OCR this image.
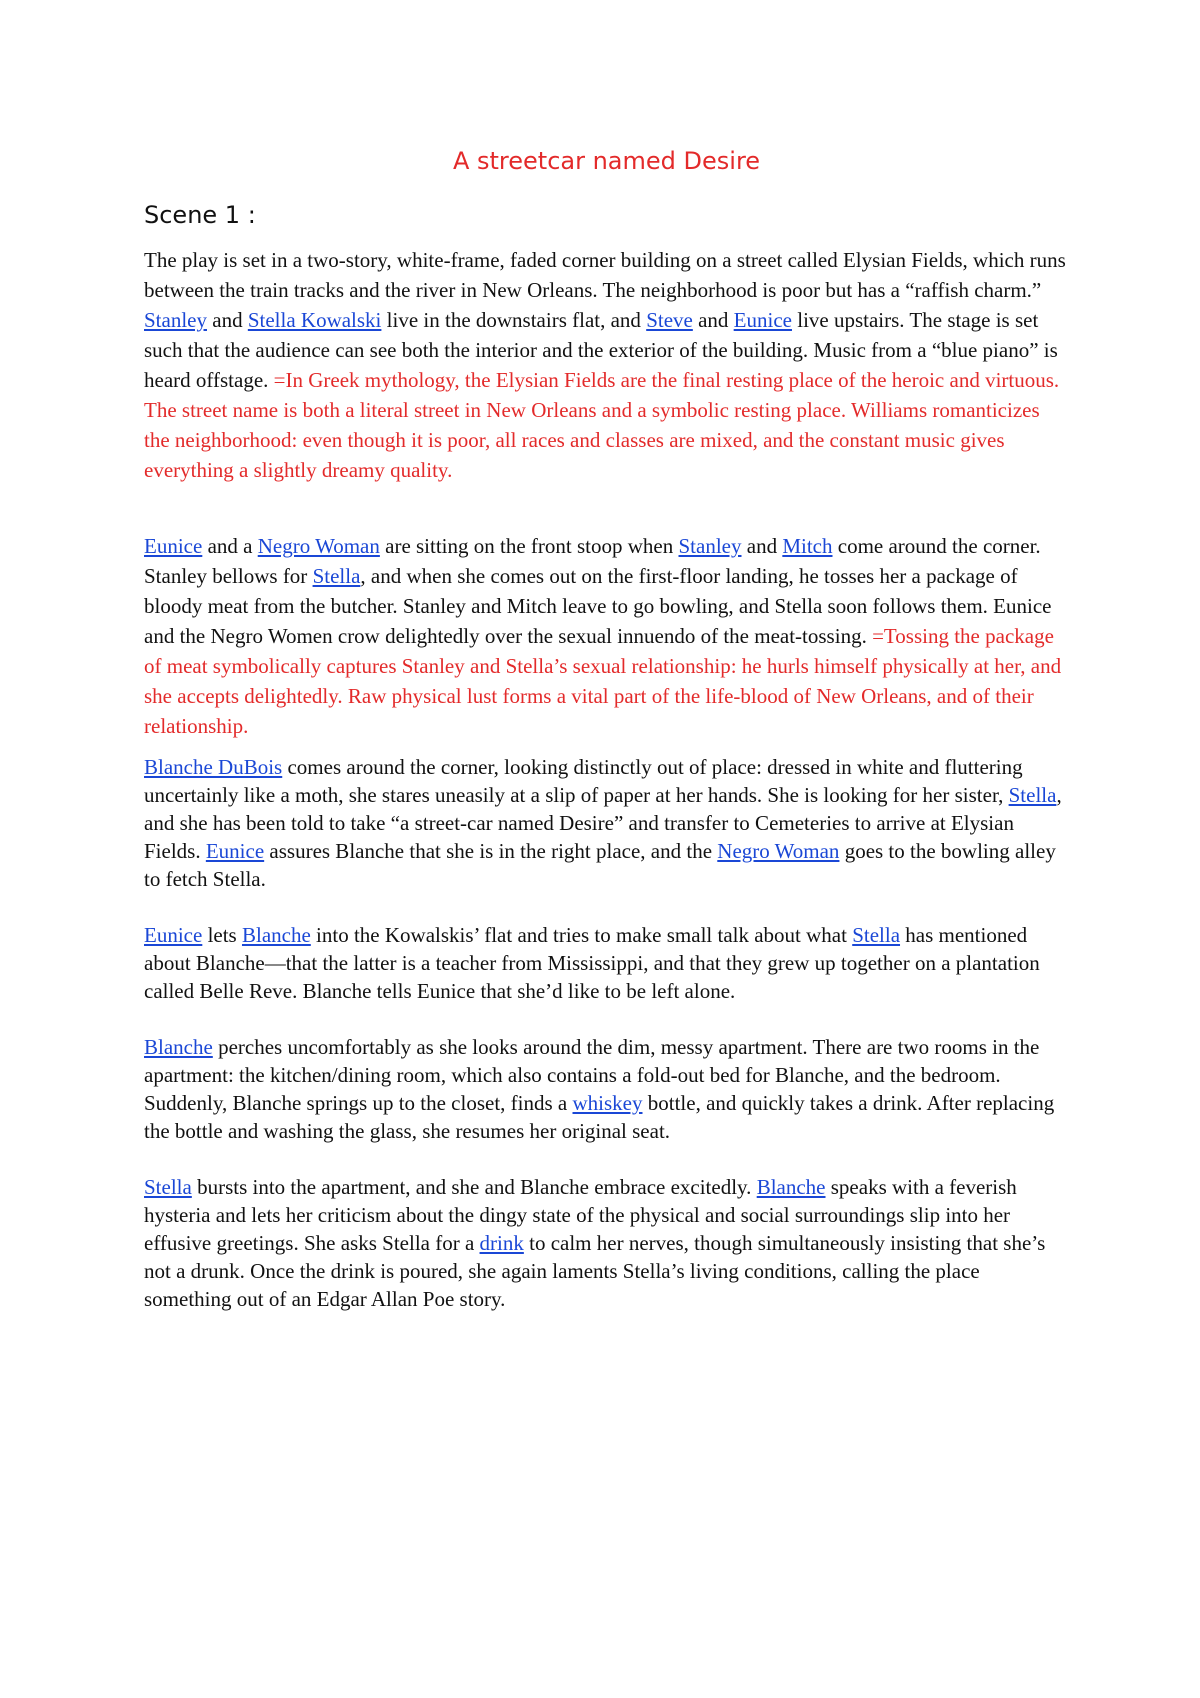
A streetcar named Desire
Scene 1 :

The play is set in a two-story, white-frame, faded corner building on a street called Elysian Fields, which runs between the train tracks and the river in New Orleans. The neighborhood is poor but has a “raffish charm.” Stanley and Stella Kowalski live in the downstairs flat, and Steve and Eunice live upstairs. The stage is set such that the audience can see both the interior and the exterior of the building. Music from a “blue piano” is heard offstage. =In Greek mythology, the Elysian Fields are the final resting place of the heroic and virtuous. The street name is both a literal street in New Orleans and a symbolic resting place. Williams romanticizes the neighborhood: even though it is poor, all races and classes are mixed, and the constant music gives everything a slightly dreamy quality.

Eunice and a Negro Woman are sitting on the front stoop when Stanley and Mitch come around the corner. Stanley bellows for Stella, and when she comes out on the first-floor landing, he tosses her a package of bloody meat from the butcher. Stanley and Mitch leave to go bowling, and Stella soon follows them. Eunice and the Negro Women crow delightedly over the sexual innuendo of the meat-tossing. =Tossing the package of meat symbolically captures Stanley and Stella’s sexual relationship: he hurls himself physically at her, and she accepts delightedly. Raw physical lust forms a vital part of the life-blood of New Orleans, and of their relationship.

Blanche DuBois comes around the corner, looking distinctly out of place: dressed in white and fluttering uncertainly like a moth, she stares uneasily at a slip of paper at her hands. She is looking for her sister, Stella, and she has been told to take “a street-car named Desire” and transfer to Cemeteries to arrive at Elysian Fields. Eunice assures Blanche that she is in the right place, and the Negro Woman goes to the bowling alley to fetch Stella.

Eunice lets Blanche into the Kowalskis’ flat and tries to make small talk about what Stella has mentioned about Blanche—that the latter is a teacher from Mississippi, and that they grew up together on a plantation called Belle Reve. Blanche tells Eunice that she’d like to be left alone.

Blanche perches uncomfortably as she looks around the dim, messy apartment. There are two rooms in the apartment: the kitchen/dining room, which also contains a fold-out bed for Blanche, and the bedroom. Suddenly, Blanche springs up to the closet, finds a whiskey bottle, and quickly takes a drink. After replacing the bottle and washing the glass, she resumes her original seat.

Stella bursts into the apartment, and she and Blanche embrace excitedly. Blanche speaks with a feverish hysteria and lets her criticism about the dingy state of the physical and social surroundings slip into her effusive greetings. She asks Stella for a drink to calm her nerves, though simultaneously insisting that she’s not a drunk. Once the drink is poured, she again laments Stella’s living conditions, calling the place something out of an Edgar Allan Poe story.
